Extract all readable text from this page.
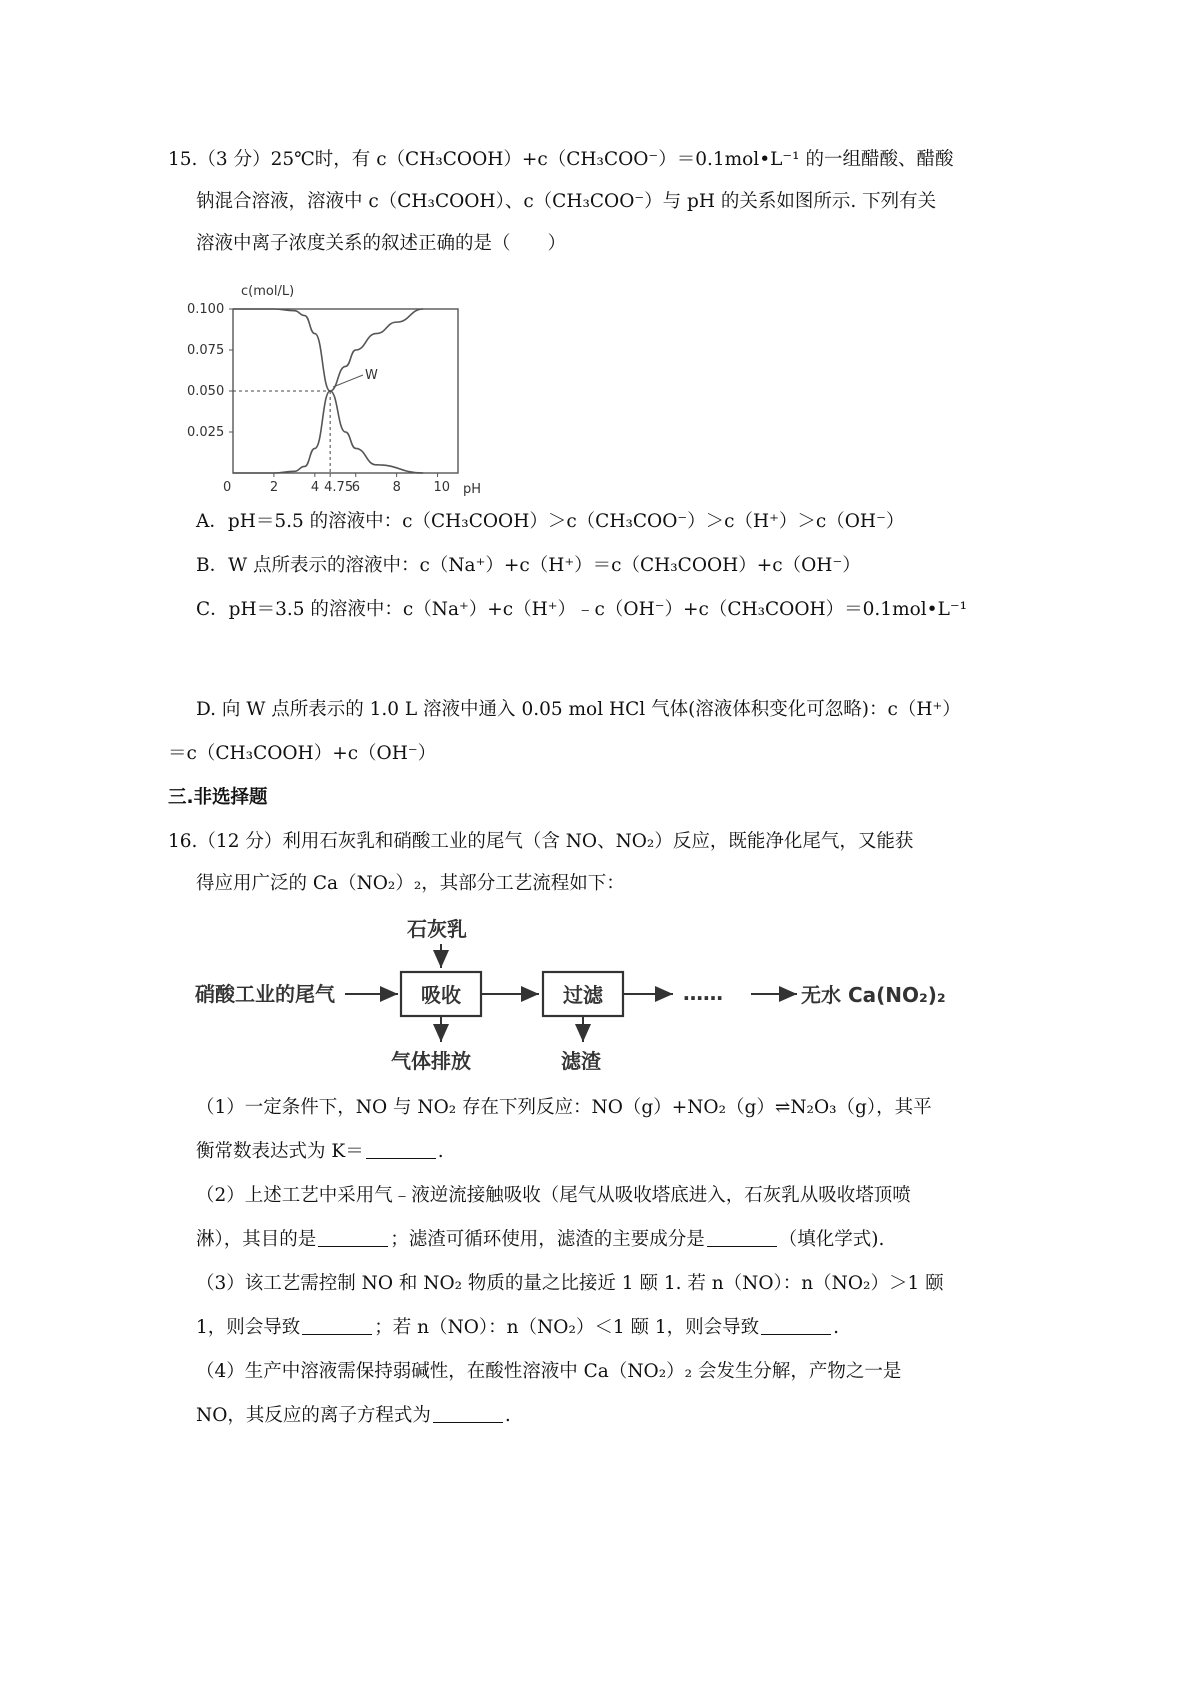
15.（3 分）25℃时，有 c（CH₃COOH）+c（CH₃COO⁻）＝0.1mol•L⁻¹ 的一组醋酸、醋酸
钠混合溶液，溶液中 c（CH₃COOH）、c（CH₃COO⁻）与 pH 的关系如图所示. 下列有关
溶液中离子浓度关系的叙述正确的是（　　）
c(mol/L)
0.100
0.075
0.050
0.025
0	2	4 4.75
6	8	10
W
pH
A．pH＝5.5 的溶液中：c（CH₃COOH）＞c（CH₃COO⁻）＞c（H⁺）＞c（OH⁻）
B．W 点所表示的溶液中：c（Na⁺）+c（H⁺）＝c（CH₃COOH）+c（OH⁻）
C．pH＝3.5 的溶液中：c（Na⁺）+c（H⁺）﹣c（OH⁻）+c（CH₃COOH）＝0.1mol•L⁻¹
D. 向 W 点所表示的 1.0 L 溶液中通入 0.05 mol HCl 气体(溶液体积变化可忽略)：c（H⁺）
＝c（CH₃COOH）+c（OH⁻）
三.非选择题
16.（12 分）利用石灰乳和硝酸工业的尾气（含 NO、NO₂）反应，既能净化尾气，又能获
得应用广泛的 Ca（NO₂）₂，其部分工艺流程如下：
石灰乳
硝酸工业的尾气	吸收	过滤	……	无水 Ca(NO₂)₂
气体排放	滤渣
（1）一定条件下，NO 与 NO₂ 存在下列反应：NO（g）+NO₂（g）⇌N₂O₃（g），其平
衡常数表达式为 K＝	.
（2）上述工艺中采用气﹣液逆流接触吸收（尾气从吸收塔底进入，石灰乳从吸收塔顶喷
淋），其目的是	；滤渣可循环使用，滤渣的主要成分是	（填化学式).
（3）该工艺需控制 NO 和 NO₂ 物质的量之比接近 1 颐 1. 若 n（NO）：n（NO₂）＞1 颐
1，则会导致	；若 n（NO）：n（NO₂）＜1 颐 1，则会导致	.
（4）生产中溶液需保持弱碱性，在酸性溶液中 Ca（NO₂）₂ 会发生分解，产物之一是
NO，其反应的离子方程式为	.
